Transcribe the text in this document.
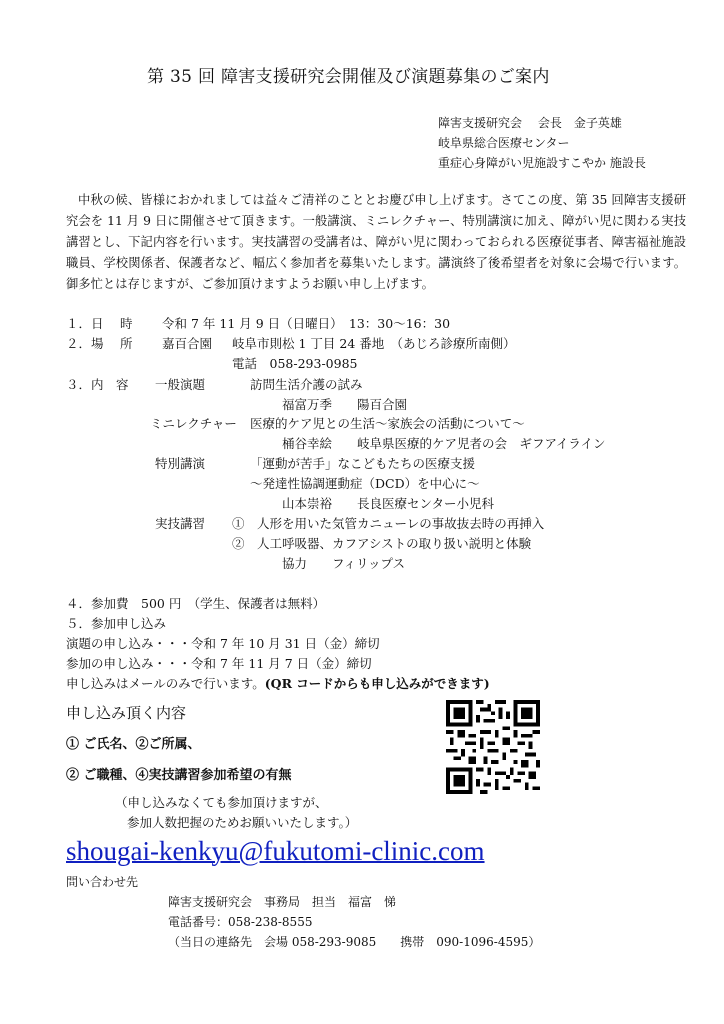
第 35 回 障害支援研究会開催及び演題募集のご案内
障害支援研究会　 会長　金子英雄
岐阜県総合医療センター
重症心身障がい児施設すこやか 施設長
中秋の候、皆様におかれましては益々ご清祥のこととお慶び申し上げます。さてこの度、第 35 回障害支援研究会を 11 月 9 日に開催させて頂きます。一般講演、ミニレクチャー、特別講演に加え、障がい児に関わる実技講習とし、下記内容を行います。実技講習の受講者は、障がい児に関わっておられる医療従事者、障害福祉施設職員、学校関係者、保護者など、幅広く参加者を募集いたします。講演終了後希望者を対象に会場で行います。御多忙とは存じますが、ご参加頂けますようお願い申し上げます。
１．日　 時 令和 7 年 11 月 9 日（日曜日）　13：30～16：30
２．場　 所 嘉百合園 岐阜市則松 1 丁目 24 番地　（あじろ診療所南側）
電話　058-293-0985
３．内　容 一般演題	訪問生活介護の試み
福富万季　　陽百合園
ミニレクチャー 医療的ケア児との生活～家族会の活動について～
桶谷幸絵　　岐阜県医療的ケア児者の会　ギフアイライン
特別講演	「運動が苦手」なこどもたちの医療支援
～発達性協調運動症（DCD）を中心に～
山本崇裕　　長良医療センター小児科
実技講習 ①　人形を用いた気管カニューレの事故抜去時の再挿入
②　人工呼吸器、カフアシストの取り扱い説明と体験
協力　　フィリップス
４．参加費　500 円　（学生、保護者は無料）
５．参加申し込み
演題の申し込み・・・令和 7 年 10 月 31 日（金）締切
参加の申し込み・・・令和 7 年 11 月 7 日（金）締切
申し込みはメールのみで行います。(QR コードからも申し込みができます)
申し込み頂く内容
① ご氏名、②ご所属、
② ご職種、④実技講習参加希望の有無
（申し込みなくても参加頂けますが、
参加人数把握のためお願いいたします。）
shougai-kenkyu@fukutomi-clinic.com
問い合わせ先
障害支援研究会　事務局　担当　福富　悌
電話番号：058-238-8555
（当日の連絡先　会場 058-293-9085　　携帯　090-1096-4595）
